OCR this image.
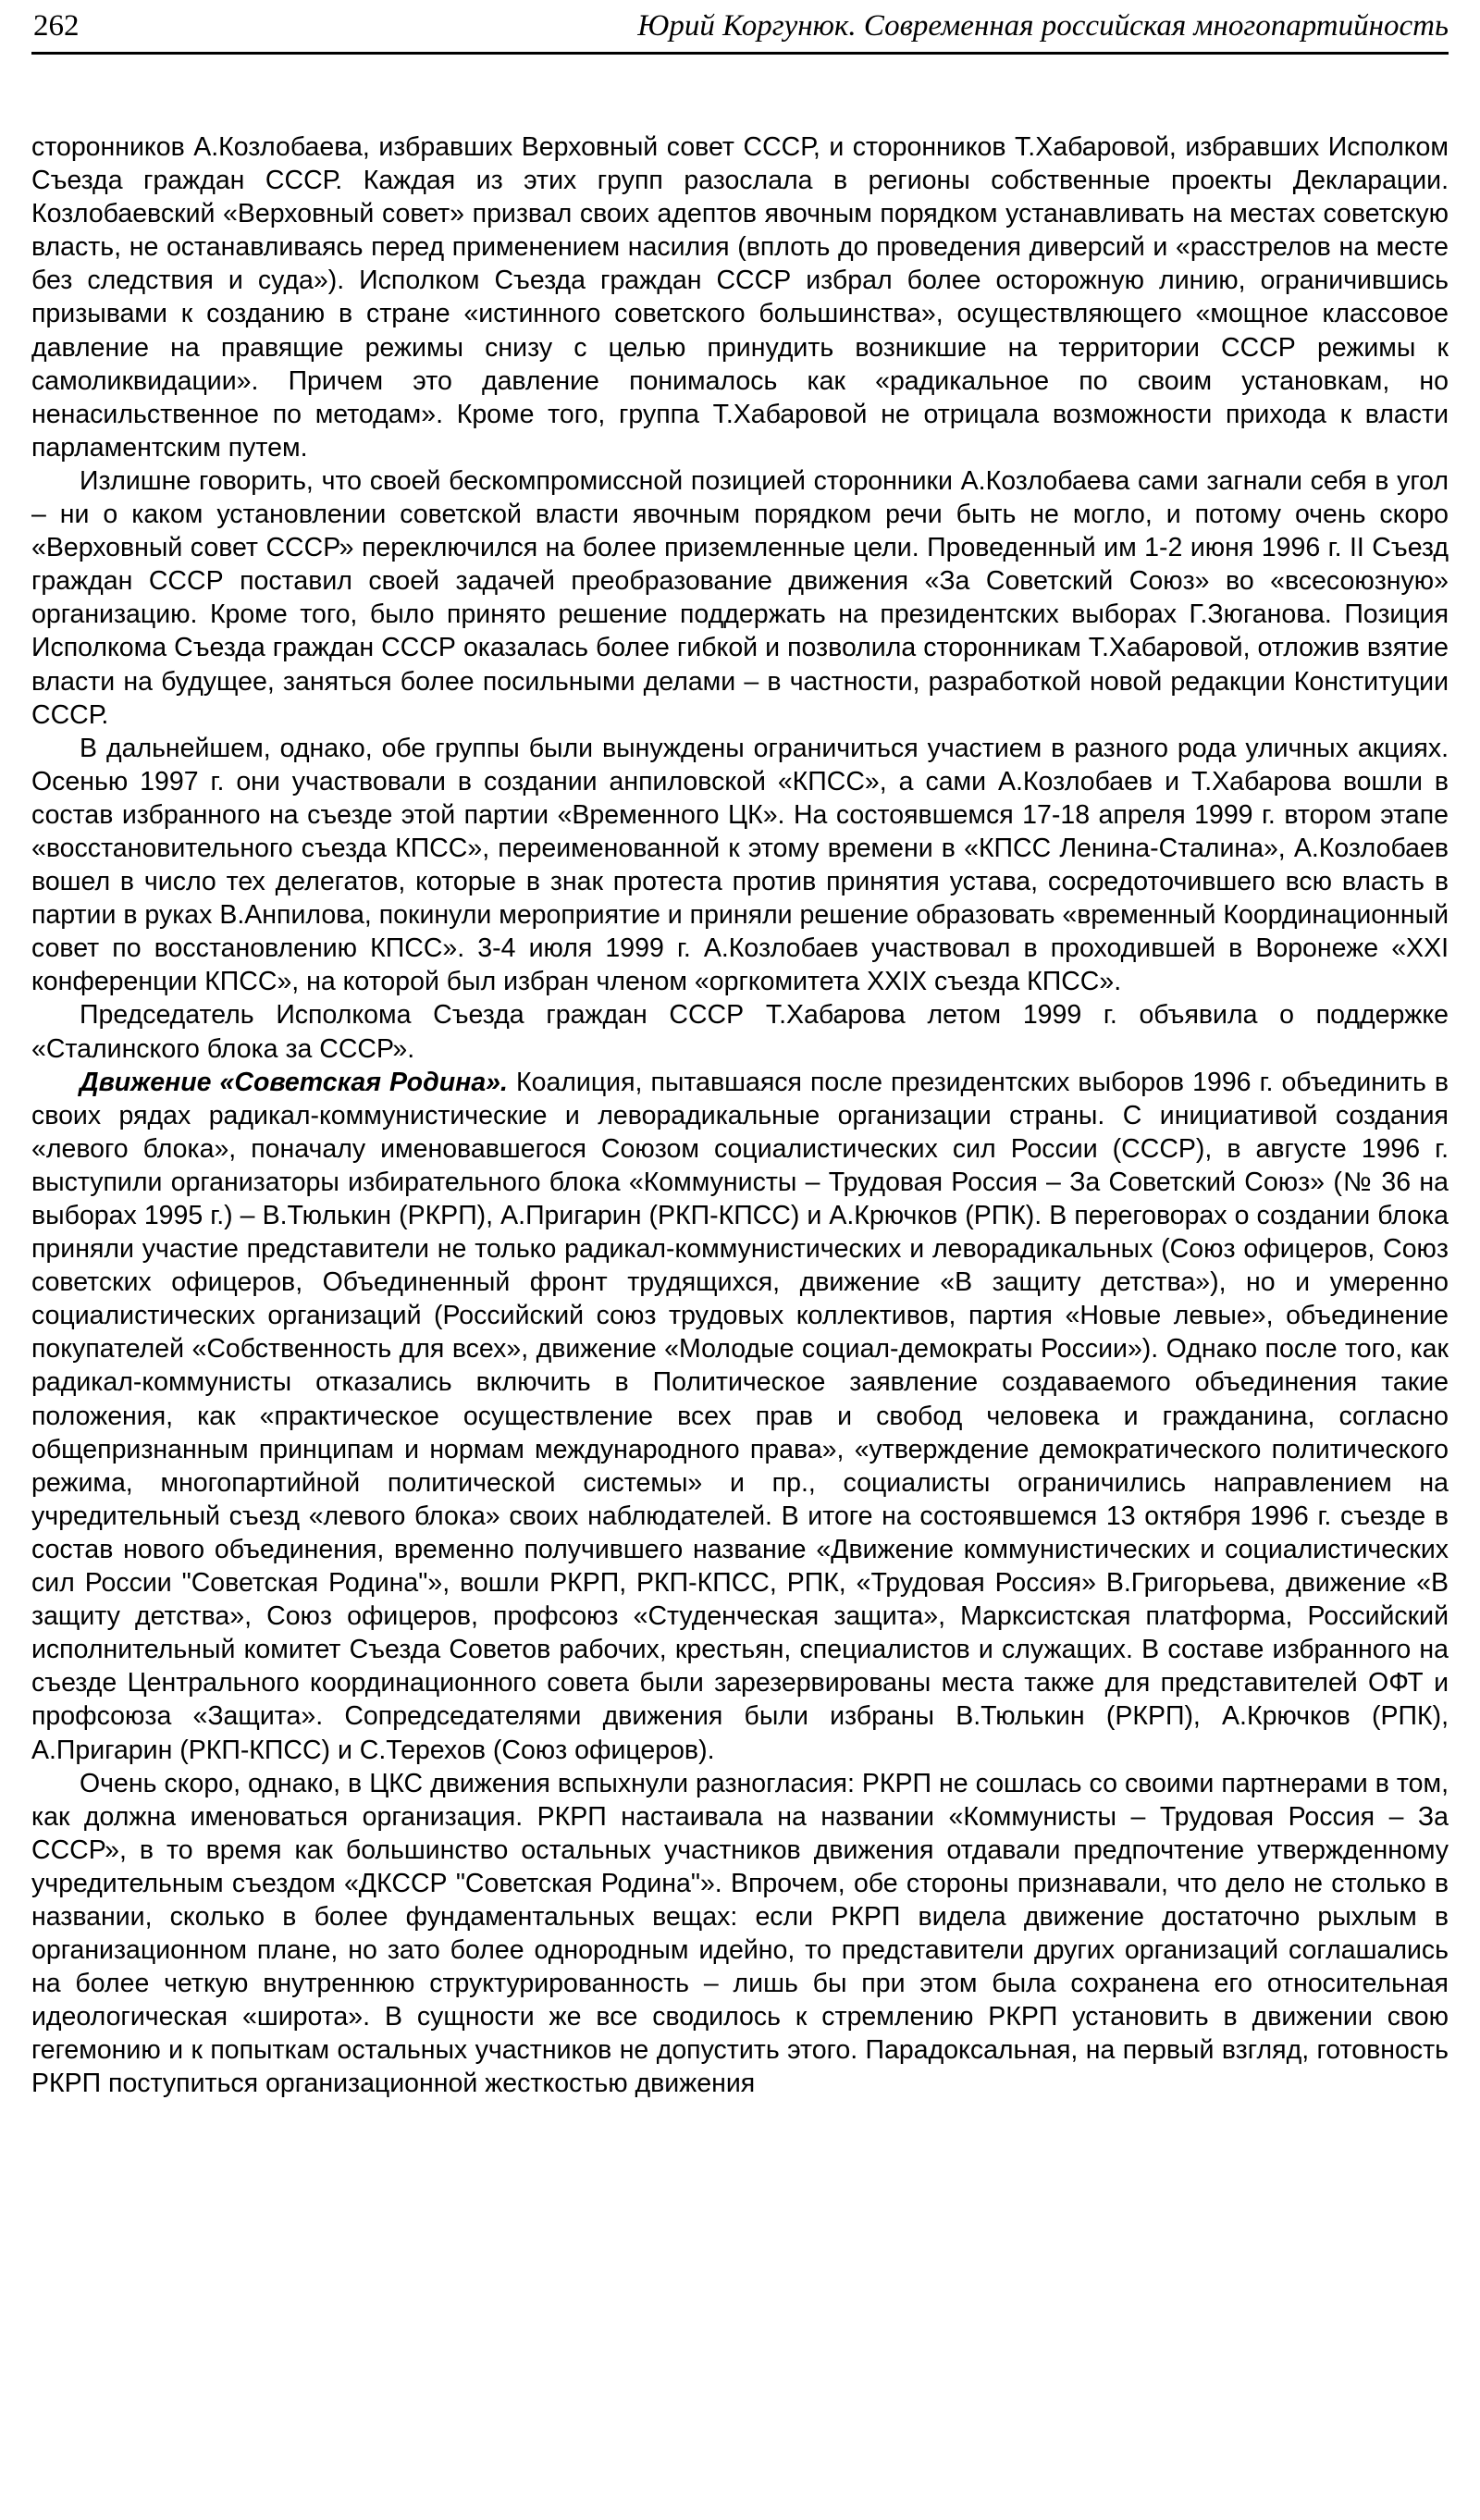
262	Юрий Коргунюк. Современная российская многопартийность

сторонников А.Козлобаева, избравших Верховный совет СССР, и сторонников Т.Хабаровой, избравших Исполком Съезда граждан СССР. Каждая из этих групп разослала в регионы собственные проекты Декларации. Козлобаевский «Верховный совет» призвал своих адептов явочным порядком устанавливать на местах советскую власть, не останавливаясь перед применением насилия (вплоть до проведения диверсий и «расстрелов на месте без следствия и суда»). Исполком Съезда граждан СССР избрал более осторожную линию, ограничившись призывами к созданию в стране «истинного советского большинства», осуществляющего «мощное классовое давление на правящие режимы снизу с целью принудить возникшие на территории СССР режимы к самоликвидации». Причем это давление понималось как «радикальное по своим установкам, но ненасильственное по методам». Кроме того, группа Т.Хабаровой не отрицала возможности прихода к власти парламентским путем.

Излишне говорить, что своей бескомпромиссной позицией сторонники А.Козлобаева сами загнали себя в угол – ни о каком установлении советской власти явочным порядком речи быть не могло, и потому очень скоро «Верховный совет СССР» переключился на более приземленные цели. Проведенный им 1-2 июня 1996 г. II Съезд граждан СССР поставил своей задачей преобразование движения «За Советский Союз» во «всесоюзную» организацию. Кроме того, было принято решение поддержать на президентских выборах Г.Зюганова. Позиция Исполкома Съезда граждан СССР оказалась более гибкой и позволила сторонникам Т.Хабаровой, отложив взятие власти на будущее, заняться более посильными делами – в частности, разработкой новой редакции Конституции СССР.

В дальнейшем, однако, обе группы были вынуждены ограничиться участием в разного рода уличных акциях. Осенью 1997 г. они участвовали в создании анпиловской «КПСС», а сами А.Козлобаев и Т.Хабарова вошли в состав избранного на съезде этой партии «Временного ЦК». На состоявшемся 17-18 апреля 1999 г. втором этапе «восстановительного съезда КПСС», переименованной к этому времени в «КПСС Ленина-Сталина», А.Козлобаев вошел в число тех делегатов, которые в знак протеста против принятия устава, сосредоточившего всю власть в партии в руках В.Анпилова, покинули мероприятие и приняли решение образовать «временный Координационный совет по восстановлению КПСС». 3-4 июля 1999 г. А.Козлобаев участвовал в проходившей в Воронеже «XXI конференции КПСС», на которой был избран членом «оргкомитета XXIX съезда КПСС».

Председатель Исполкома Съезда граждан СССР Т.Хабарова летом 1999 г. объявила о поддержке «Сталинского блока за СССР».

Движение «Советская Родина». Коалиция, пытавшаяся после президентских выборов 1996 г. объединить в своих рядах радикал-коммунистические и леворадикальные организации страны. С инициативой создания «левого блока», поначалу именовавшегося Союзом социалистических сил России (СССР), в августе 1996 г. выступили организаторы избирательного блока «Коммунисты – Трудовая Россия – За Советский Союз» (№ 36 на выборах 1995 г.) – В.Тюлькин (РКРП), А.Пригарин (РКП-КПСС) и А.Крючков (РПК). В переговорах о создании блока приняли участие представители не только радикал-коммунистических и леворадикальных (Союз офицеров, Союз советских офицеров, Объединенный фронт трудящихся, движение «В защиту детства»), но и умеренно социалистических организаций (Российский союз трудовых коллективов, партия «Новые левые», объединение покупателей «Собственность для всех», движение «Молодые социал-демократы России»). Однако после того, как радикал-коммунисты отказались включить в Политическое заявление создаваемого объединения такие положения, как «практическое осуществление всех прав и свобод человека и гражданина, согласно общепризнанным принципам и нормам международного права», «утверждение демократического политического режима, многопартийной политической системы» и пр., социалисты ограничились направлением на учредительный съезд «левого блока» своих наблюдателей. В итоге на состоявшемся 13 октября 1996 г. съезде в состав нового объединения, временно получившего название «Движение коммунистических и социалистических сил России "Советская Родина"», вошли РКРП, РКП-КПСС, РПК, «Трудовая Россия» В.Григорьева, движение «В защиту детства», Союз офицеров, профсоюз «Студенческая защита», Марксистская платформа, Российский исполнительный комитет Съезда Советов рабочих, крестьян, специалистов и служащих. В составе избранного на съезде Центрального координационного совета были зарезервированы места также для представителей ОФТ и профсоюза «Защита». Сопредседателями движения были избраны В.Тюлькин (РКРП), А.Крючков (РПК), А.Пригарин (РКП-КПСС) и С.Терехов (Союз офицеров).

Очень скоро, однако, в ЦКС движения вспыхнули разногласия: РКРП не сошлась со своими партнерами в том, как должна именоваться организация. РКРП настаивала на названии «Коммунисты – Трудовая Россия – За СССР», в то время как большинство остальных участников движения отдавали предпочтение утвержденному учредительным съездом «ДКССР "Советская Родина"». Впрочем, обе стороны признавали, что дело не столько в названии, сколько в более фундаментальных вещах: если РКРП видела движение достаточно рыхлым в организационном плане, но зато более однородным идейно, то представители других организаций соглашались на более четкую внутреннюю структурированность – лишь бы при этом была сохранена его относительная идеологическая «широта». В сущности же все сводилось к стремлению РКРП установить в движении свою гегемонию и к попыткам остальных участников не допустить этого. Парадоксальная, на первый взгляд, готовность РКРП поступиться организационной жесткостью движения
